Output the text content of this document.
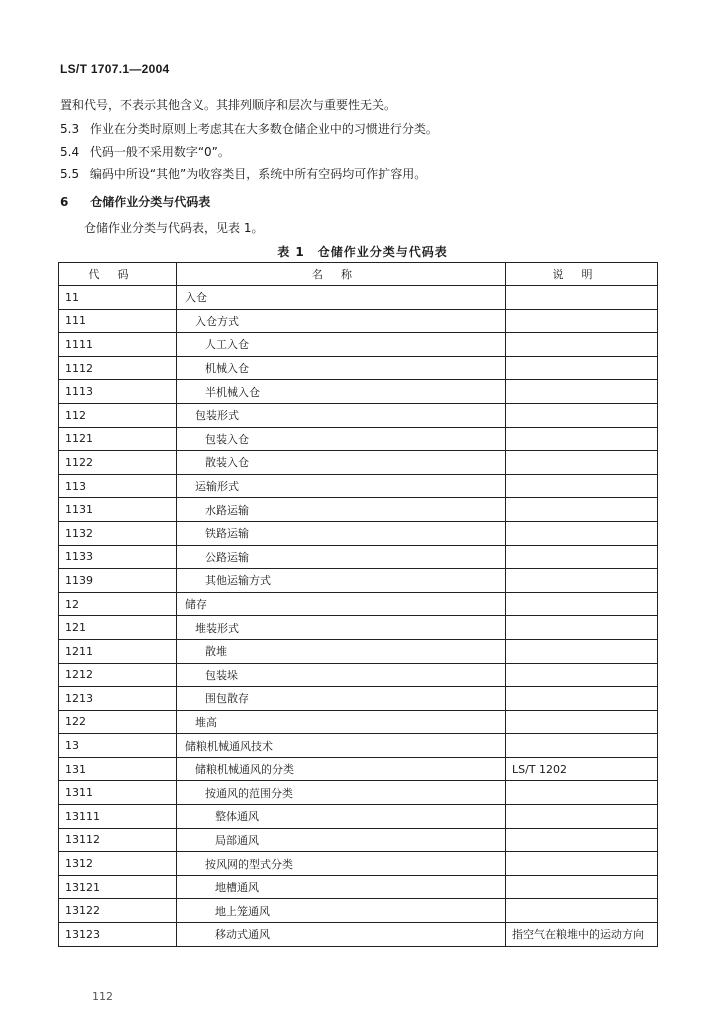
LS/T 1707.1—2004
置和代号，不表示其他含义。其排列顺序和层次与重要性无关。
5.3 作业在分类时原则上考虑其在大多数仓储企业中的习惯进行分类。
5.4 代码一般不采用数字“0”。
5.5 编码中所设“其他”为收容类目，系统中所有空码均可作扩容用。
6 仓储作业分类与代码表
仓储作业分类与代码表，见表 1。
表 1　仓储作业分类与代码表
代码	名称	说明
11	入仓	
111	入仓方式	
1111	人工入仓	
1112	机械入仓	
1113	半机械入仓	
112	包装形式	
1121	包装入仓	
1122	散装入仓	
113	运输形式	
1131	水路运输	
1132	铁路运输	
1133	公路运输	
1139	其他运输方式	
12	储存	
121	堆装形式	
1211	散堆	
1212	包装垛	
1213	围包散存	
122	堆高	
13	储粮机械通风技术	
131	储粮机械通风的分类	LS/T 1202
1311	按通风的范围分类	
13111	整体通风	
13112	局部通风	
1312	按风网的型式分类	
13121	地槽通风	
13122	地上笼通风	
13123	移动式通风	指空气在粮堆中的运动方向
112
